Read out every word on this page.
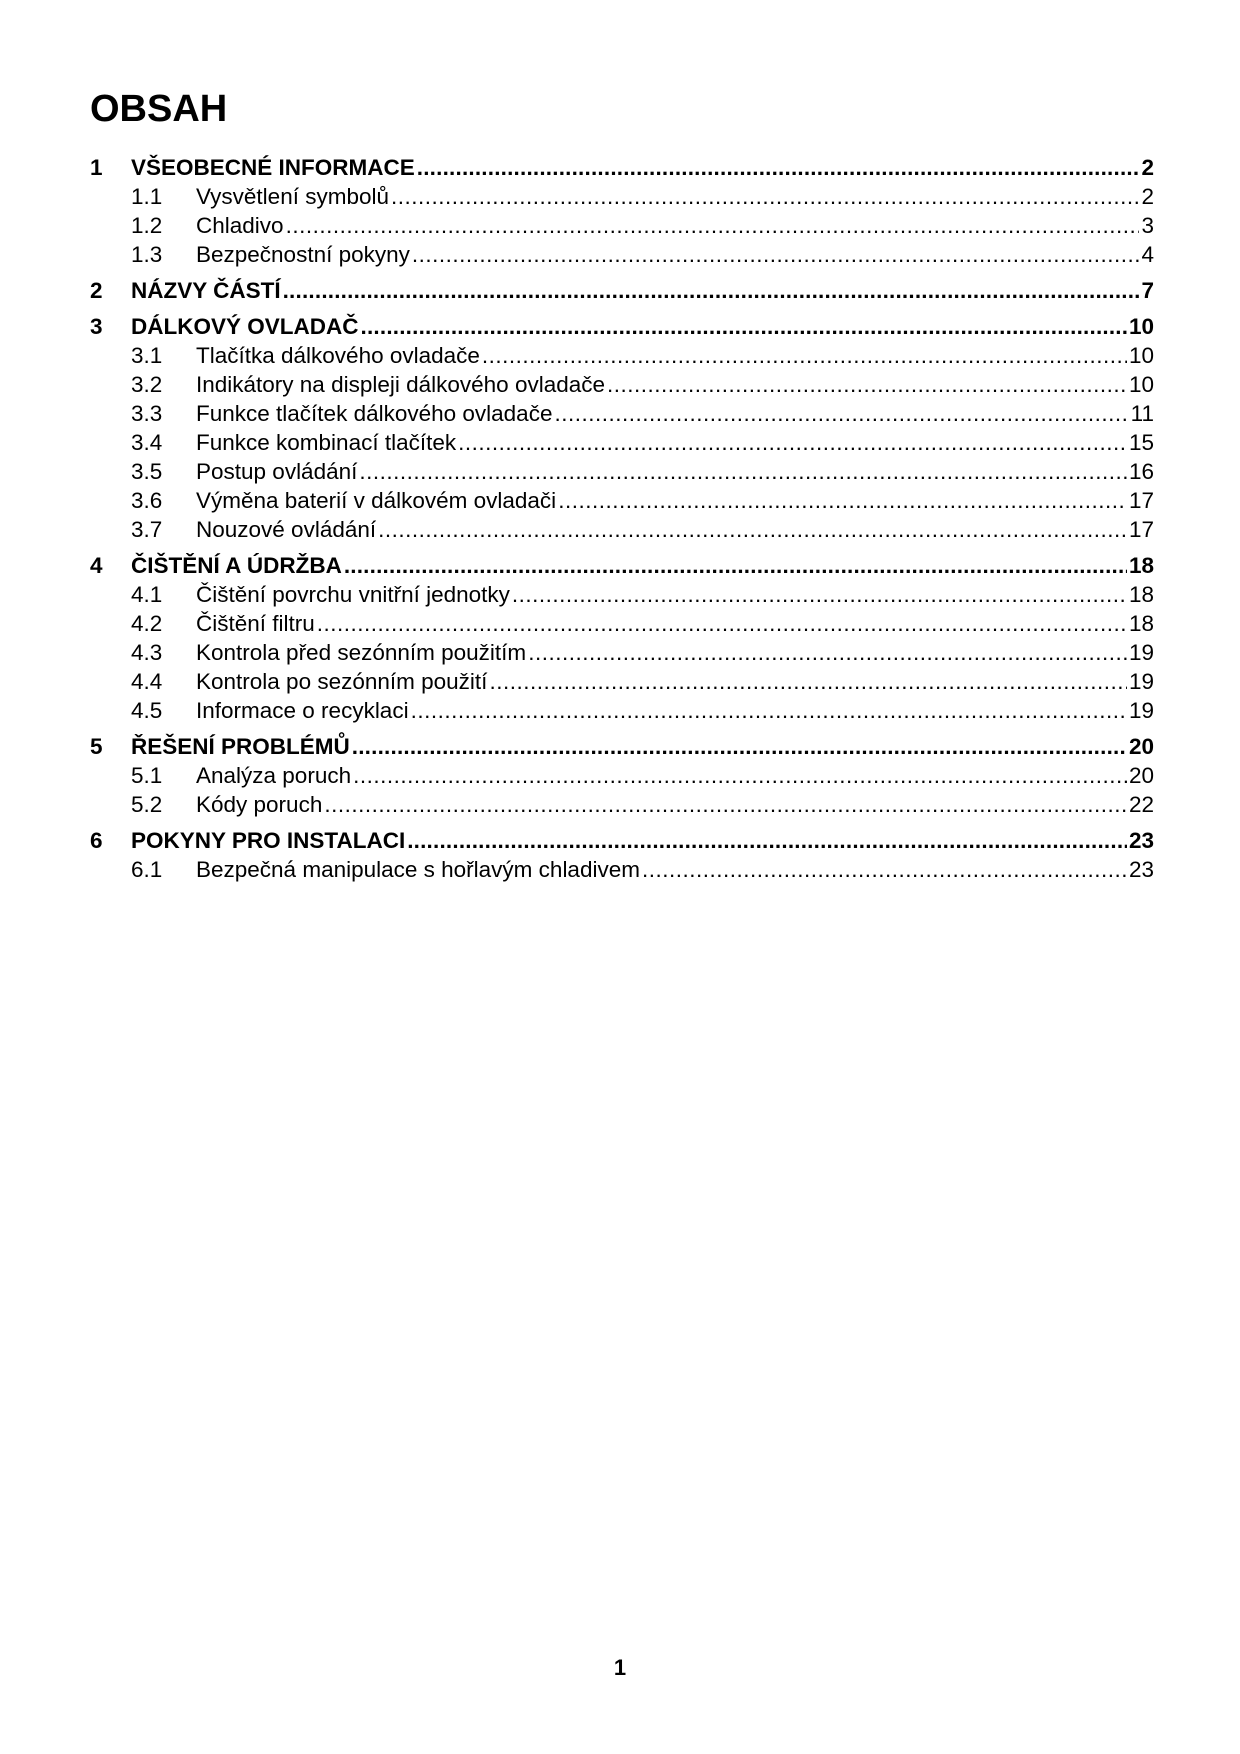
OBSAH
1	VŠEOBECNÉ INFORMACE .....	2
1.1	Vysvětlení symbolů .....	2
1.2	Chladivo .....	3
1.3	Bezpečnostní pokyny .....	4
2	NÁZVY ČÁSTÍ .....	7
3	DÁLKOVÝ OVLADAČ .....	10
3.1	Tlačítka dálkového ovladače .....	10
3.2	Indikátory na displeji dálkového ovladače .....	10
3.3	Funkce tlačítek dálkového ovladače .....	11
3.4	Funkce kombinací tlačítek .....	15
3.5	Postup ovládání .....	16
3.6	Výměna baterií v dálkovém ovladači .....	17
3.7	Nouzové ovládání .....	17
4	ČIŠTĚNÍ A ÚDRŽBA .....	18
4.1	Čištění povrchu vnitřní jednotky .....	18
4.2	Čištění filtru .....	18
4.3	Kontrola před sezónním použitím .....	19
4.4	Kontrola po sezónním použití .....	19
4.5	Informace o recyklaci .....	19
5	ŘEŠENÍ PROBLÉMŮ .....	20
5.1	Analýza poruch .....	20
5.2	Kódy poruch .....	22
6	POKYNY PRO INSTALACI .....	23
6.1	Bezpečná manipulace s hořlavým chladivem .....	23
1
